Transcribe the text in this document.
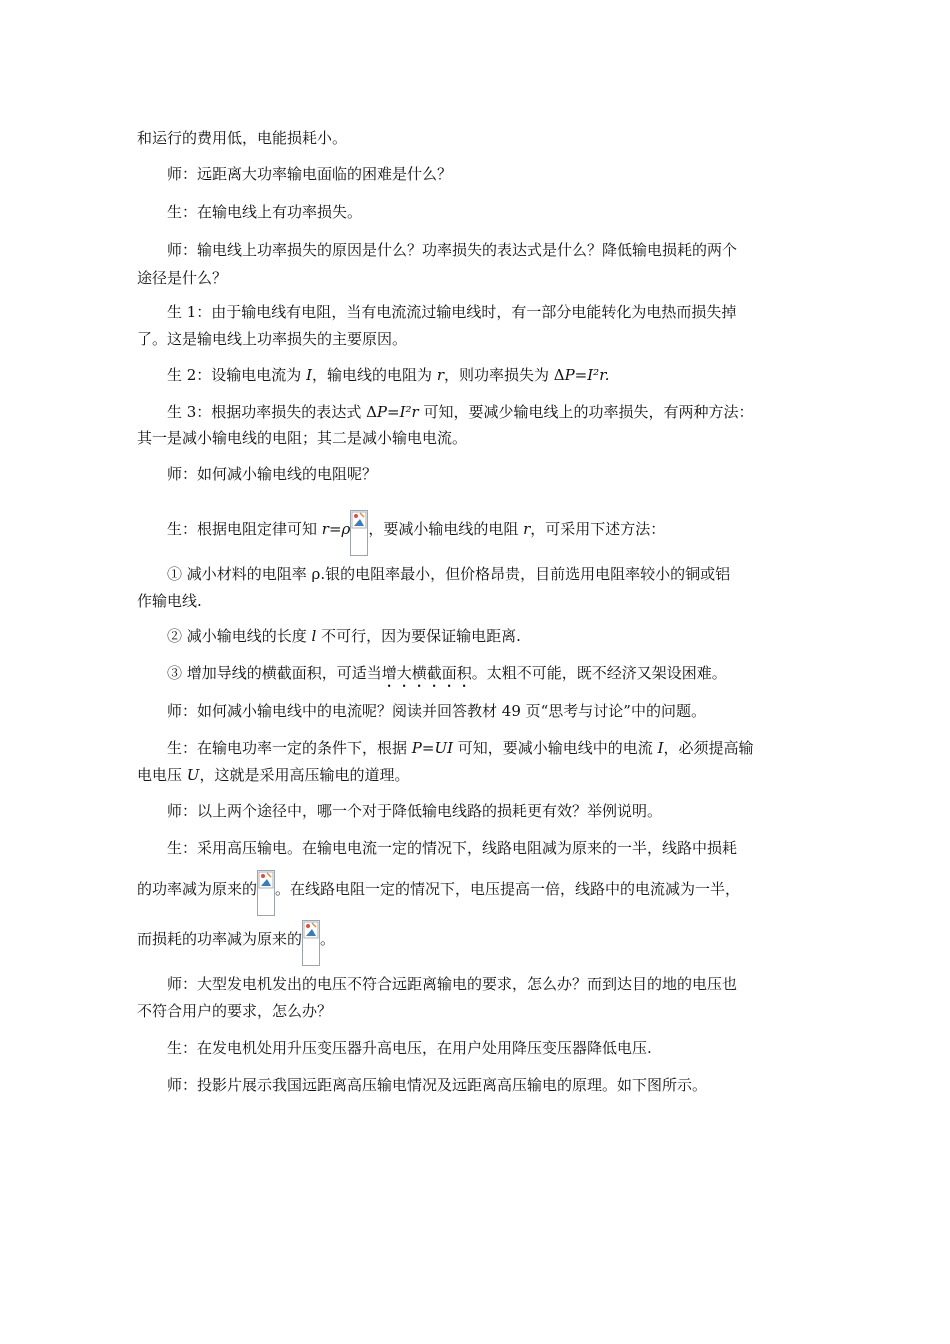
和运行的费用低，电能损耗小。

师：远距离大功率输电面临的困难是什么？

生：在输电线上有功率损失。

师：输电线上功率损失的原因是什么？功率损失的表达式是什么？降低输电损耗的两个

途径是什么？

生 1：由于输电线有电阻，当有电流流过输电线时，有一部分电能转化为电热而损失掉

了。这是输电线上功率损失的主要原因。

生 2：设输电电流为 I，输电线的电阻为 r，则功率损失为 ΔP=I²r.

生 3：根据功率损失的表达式 ΔP=I²r 可知，要减少输电线上的功率损失，有两种方法：

其一是减小输电线的电阻；其二是减小输电电流。

师：如何减小输电线的电阻呢？

生：根据电阻定律可知 r=ρ ，要减小输电线的电阻 r，可采用下述方法：

① 减小材料的电阻率 ρ.银的电阻率最小，但价格昂贵，目前选用电阻率较小的铜或铝

作输电线.

② 减小输电线的长度 l 不可行，因为要保证输电距离.

③ 增加导线的横截面积，可适当增大横截面积。太粗不可能，既不经济又架设困难。

师：如何减小输电线中的电流呢？阅读并回答教材 49 页“思考与讨论”中的问题。

生：在输电功率一定的条件下，根据 P=UI 可知，要减小输电线中的电流 I，必须提高输

电电压 U，这就是采用高压输电的道理。

师：以上两个途径中，哪一个对于降低输电线路的损耗更有效？举例说明。

生：采用高压输电。在输电电流一定的情况下，线路电阻减为原来的一半，线路中损耗

的功率减为原来的 。在线路电阻一定的情况下，电压提高一倍，线路中的电流减为一半，

而损耗的功率减为原来的 。

师：大型发电机发出的电压不符合远距离输电的要求，怎么办？而到达目的地的电压也

不符合用户的要求，怎么办？

生：在发电机处用升压变压器升高电压，在用户处用降压变压器降低电压.

师：投影片展示我国远距离高压输电情况及远距离高压输电的原理。如下图所示。
